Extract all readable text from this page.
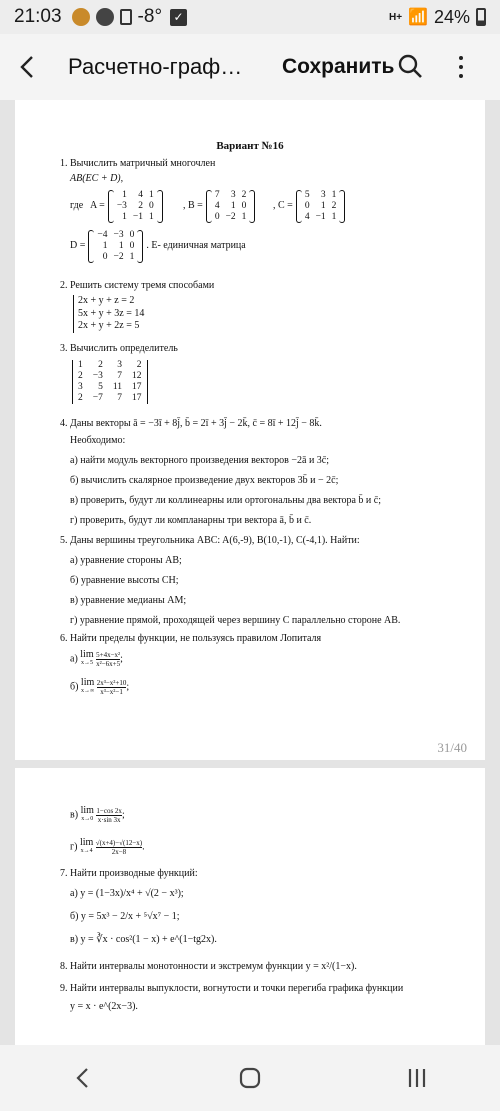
21:03	-8° ✓	H+ 📶 24%
Расчетно-граф…	Сохранить
Вариант №16
1. Вычислить матричный многочлен
AB(EC + D),
где A =
1	4	1
−3	2	0
1	−1	1
, B =
7	3	2
4	1	0
0	−2	1
, C =
5	3	1
0	1	2
4	−1	1
D =
−4	−3	0
1	1	0
0	−2	1
. E- единичная матрица
2. Решить систему тремя способами
2x + y + z = 2
5x + y + 3z = 14
2x + y + 2z = 5
3. Вычислить определитель
1	2	3	2
2	−3	7	12
3	5	11	17
2	−7	7	17
4. Даны векторы ā = −3ī + 8j̄, b̄ = 2ī + 3j̄ − 2k̄, c̄ = 8ī + 12j̄ − 8k̄.
Необходимо:
а) найти модуль векторного произведения векторов −2ā и 3c̄;
б) вычислить скалярное произведение двух векторов 3b̄ и − 2c̄;
в) проверить, будут ли коллинеарны или ортогональны два вектора b̄ и c̄;
г) проверить, будут ли компланарны три вектора ā, b̄ и c̄.
5. Даны вершины треугольника ABC: A(6,-9), B(10,-1), C(-4,1). Найти:
а) уравнение стороны AB;
б) уравнение высоты CH;
в) уравнение медианы AM;
г) уравнение прямой, проходящей через вершину C параллельно стороне AB.
6. Найти пределы функции, не пользуясь правилом Лопиталя
а) lim
x→5
$\frac{\text{5+4x−x²}}{\text{x²−6x+5}}$ ;
б) lim
x→∞
$\frac{\text{2x³−x²+10}}{\text{x³−x²−1}}$ ;
31/40
в) lim
x→0
$\frac{1-\cos 2x}{x\cdot\sin 3x}$ ;
г) lim
x→4
$\frac{√(x+4)-√(12-x)}{2x-8}$ .
7. Найти производные функций:
а) y = (1−3x)/x⁴ + √(2 − x³);
б) y = 5x³ − 2/x + ⁵√x⁷ − 1;
в) y = ∛x · cos²(1 − x) + e^(1−tg2x).
8. Найти интервалы монотонности и экстремум функции y = x²/(1−x).
9. Найти интервалы выпуклости, вогнутости и точки перегиба графика функции
y = x · e^(2x−3).
